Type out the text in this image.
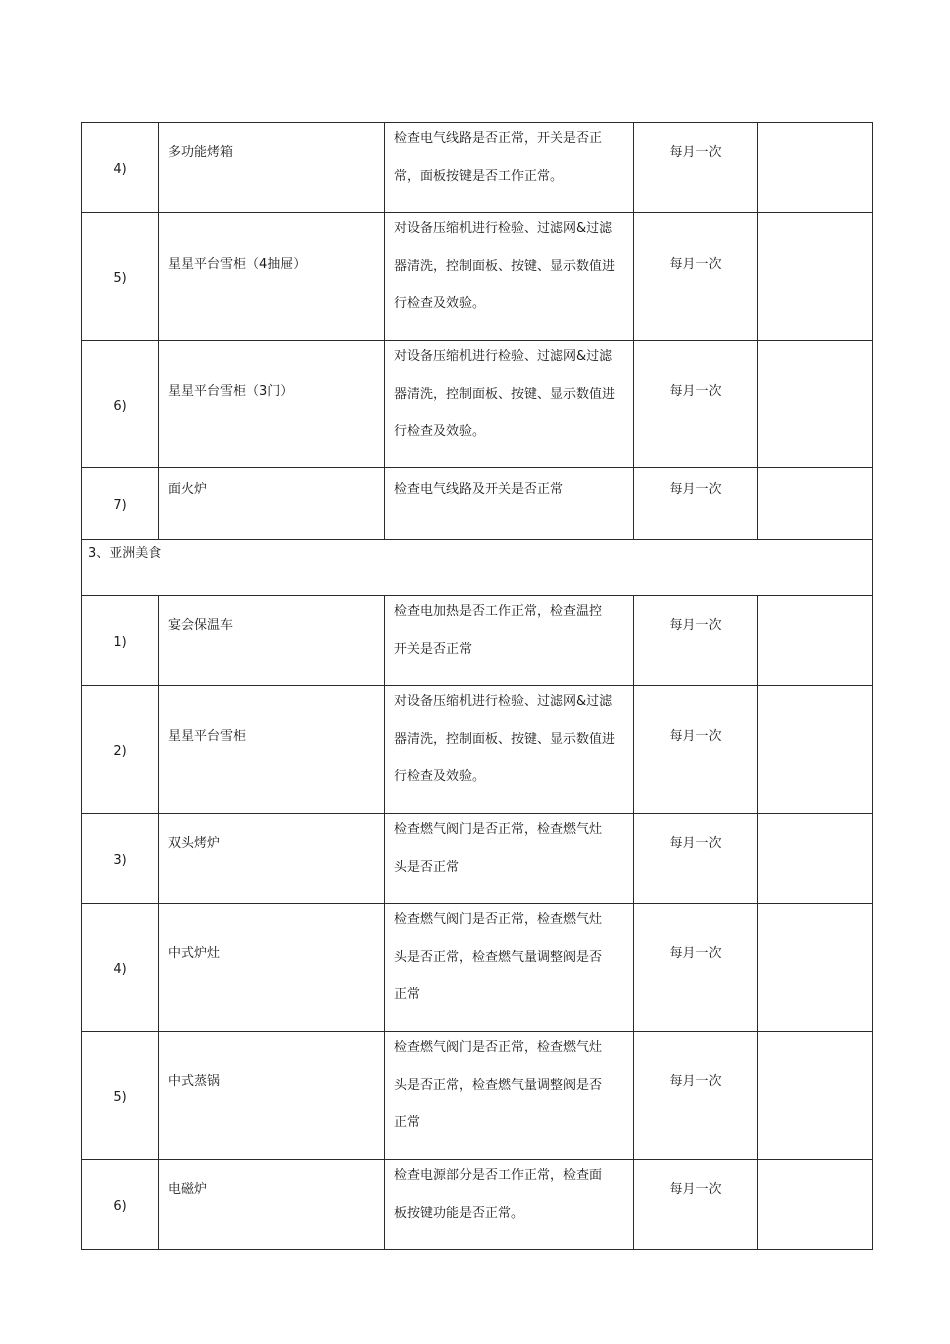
4)	多功能烤箱	检查电气线路是否正常，开关是否正
常，面板按键是否工作正常。	每月一次	
5)	星星平台雪柜（4抽屉）	对设备压缩机进行检验、过滤网&过滤
器清洗，控制面板、按键、显示数值进
行检查及效验。	每月一次	
6)	星星平台雪柜（3门）	对设备压缩机进行检验、过滤网&过滤
器清洗，控制面板、按键、显示数值进
行检查及效验。	每月一次	
7)	面火炉	检查电气线路及开关是否正常	每月一次	
3、亚洲美食				
1)	宴会保温车	检查电加热是否工作正常，检查温控
开关是否正常	每月一次	
2)	星星平台雪柜	对设备压缩机进行检验、过滤网&过滤
器清洗，控制面板、按键、显示数值进
行检查及效验。	每月一次	
3)	双头烤炉	检查燃气阀门是否正常，检查燃气灶
头是否正常	每月一次	
4)	中式炉灶	检查燃气阀门是否正常，检查燃气灶
头是否正常，检查燃气量调整阀是否
正常	每月一次	
5)	中式蒸锅	检查燃气阀门是否正常，检查燃气灶
头是否正常，检查燃气量调整阀是否
正常	每月一次	
6)	电磁炉	检查电源部分是否工作正常，检查面
板按键功能是否正常。	每月一次	
